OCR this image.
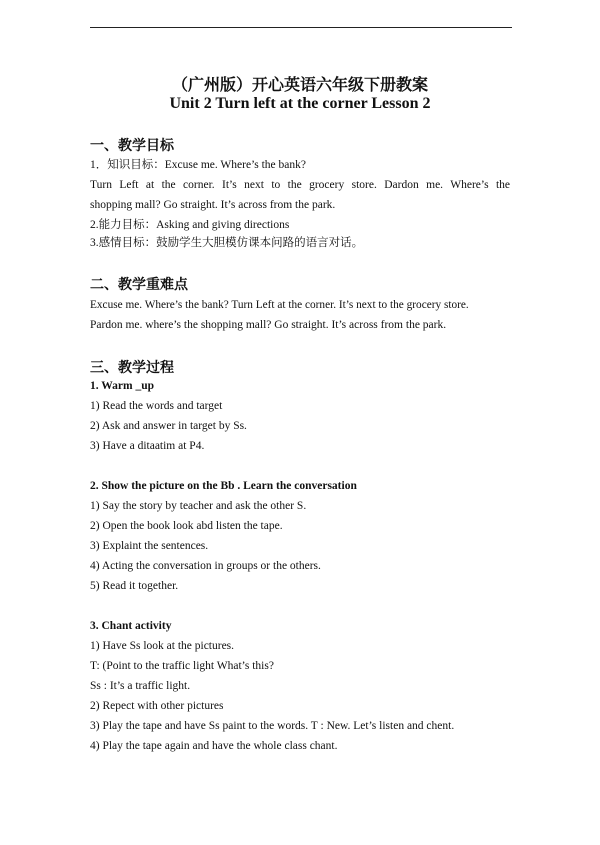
（广州版）开心英语六年级下册教案
Unit 2 Turn left at the corner Lesson 2
一、教学目标
1．知识目标：Excuse me. Where’s the bank?
Turn Left at the corner. It’s next to the grocery store. Dardon me. Where’s the
shopping mall? Go straight. It’s across from the park.
2.能力目标：Asking and giving directions
3.感情目标：鼓励学生大胆模仿课本问路的语言对话。
二、教学重难点
Excuse me. Where’s the bank? Turn Left at the corner. It’s next to the grocery store.
Pardon me. where’s the shopping mall? Go straight. It’s across from the park.
三、教学过程
1. Warm _up
1) Read the words and target
2) Ask and answer in target by Ss.
3) Have a ditaatim at P4.
2. Show the picture on the Bb . Learn the conversation
1) Say the story by teacher and ask the other S.
2) Open the book look abd listen the tape.
3) Explaint the sentences.
4) Acting the conversation in groups or the others.
5) Read it together.
3. Chant activity
1) Have Ss look at the pictures.
T: (Point to the traffic light What’s this?
Ss : It’s a traffic light.
2) Repect with other pictures
3) Play the tape and have Ss paint to the words. T : New. Let’s listen and chent.
4) Play the tape again and have the whole class chant.
